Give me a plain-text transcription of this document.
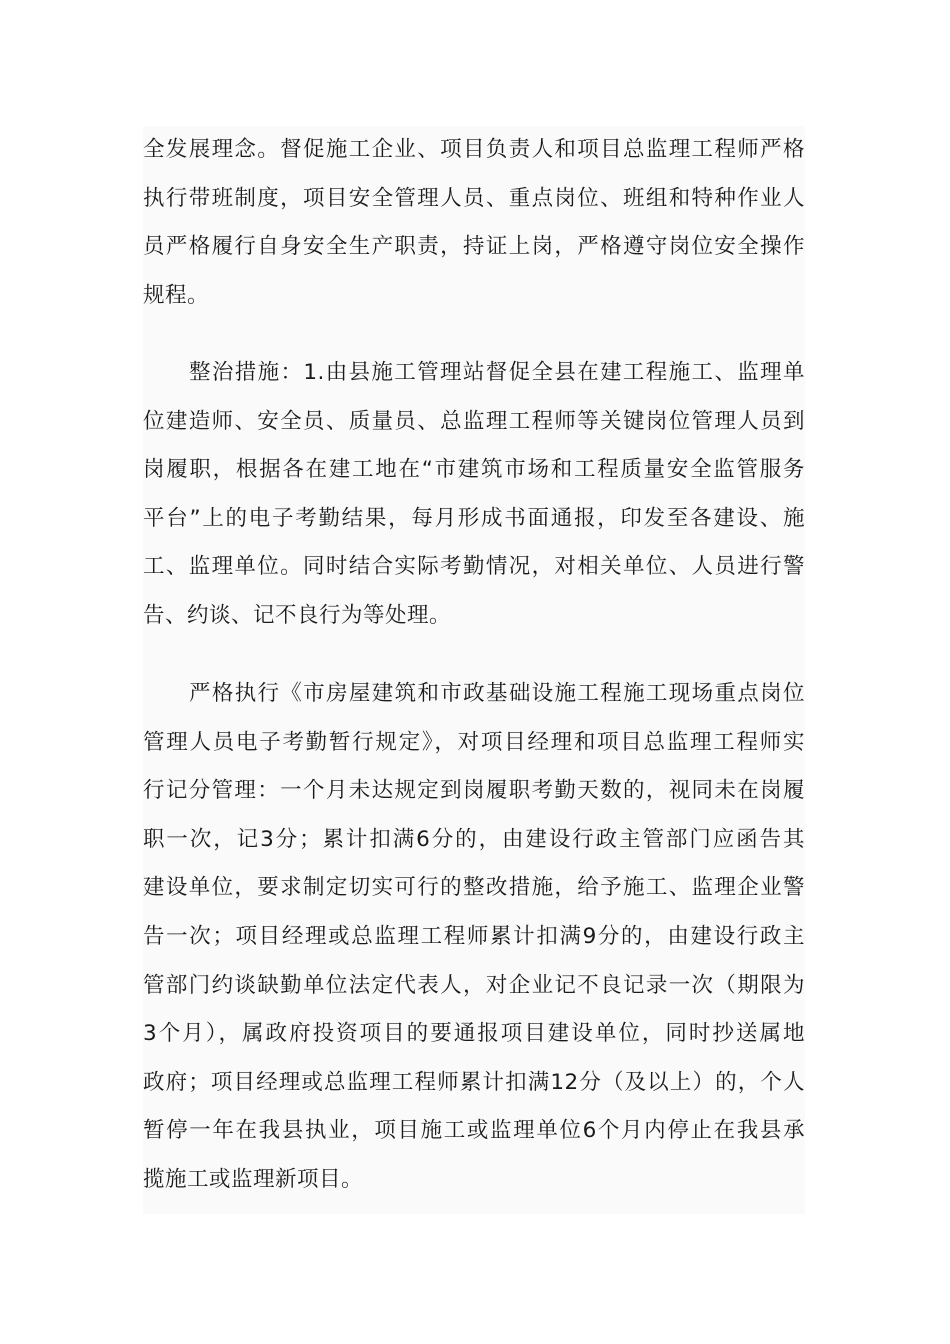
全发展理念。督促施工企业、项目负责人和项目总监理工程师严格
执行带班制度，项目安全管理人员、重点岗位、班组和特种作业人
员严格履行自身安全生产职责，持证上岗，严格遵守岗位安全操作
规程。
整治措施：1.由县施工管理站督促全县在建工程施工、监理单
位建造师、安全员、质量员、总监理工程师等关键岗位管理人员到
岗履职，根据各在建工地在“市建筑市场和工程质量安全监管服务
平台”上的电子考勤结果，每月形成书面通报，印发至各建设、施
工、监理单位。同时结合实际考勤情况，对相关单位、人员进行警
告、约谈、记不良行为等处理。
严格执行《市房屋建筑和市政基础设施工程施工现场重点岗位
管理人员电子考勤暂行规定》，对项目经理和项目总监理工程师实
行记分管理：一个月未达规定到岗履职考勤天数的，视同未在岗履
职一次，记3分；累计扣满6分的，由建设行政主管部门应函告其
建设单位，要求制定切实可行的整改措施，给予施工、监理企业警
告一次；项目经理或总监理工程师累计扣满9分的，由建设行政主
管部门约谈缺勤单位法定代表人，对企业记不良记录一次（期限为
3个月），属政府投资项目的要通报项目建设单位，同时抄送属地
政府；项目经理或总监理工程师累计扣满12分（及以上）的，个人
暂停一年在我县执业，项目施工或监理单位6个月内停止在我县承
揽施工或监理新项目。
